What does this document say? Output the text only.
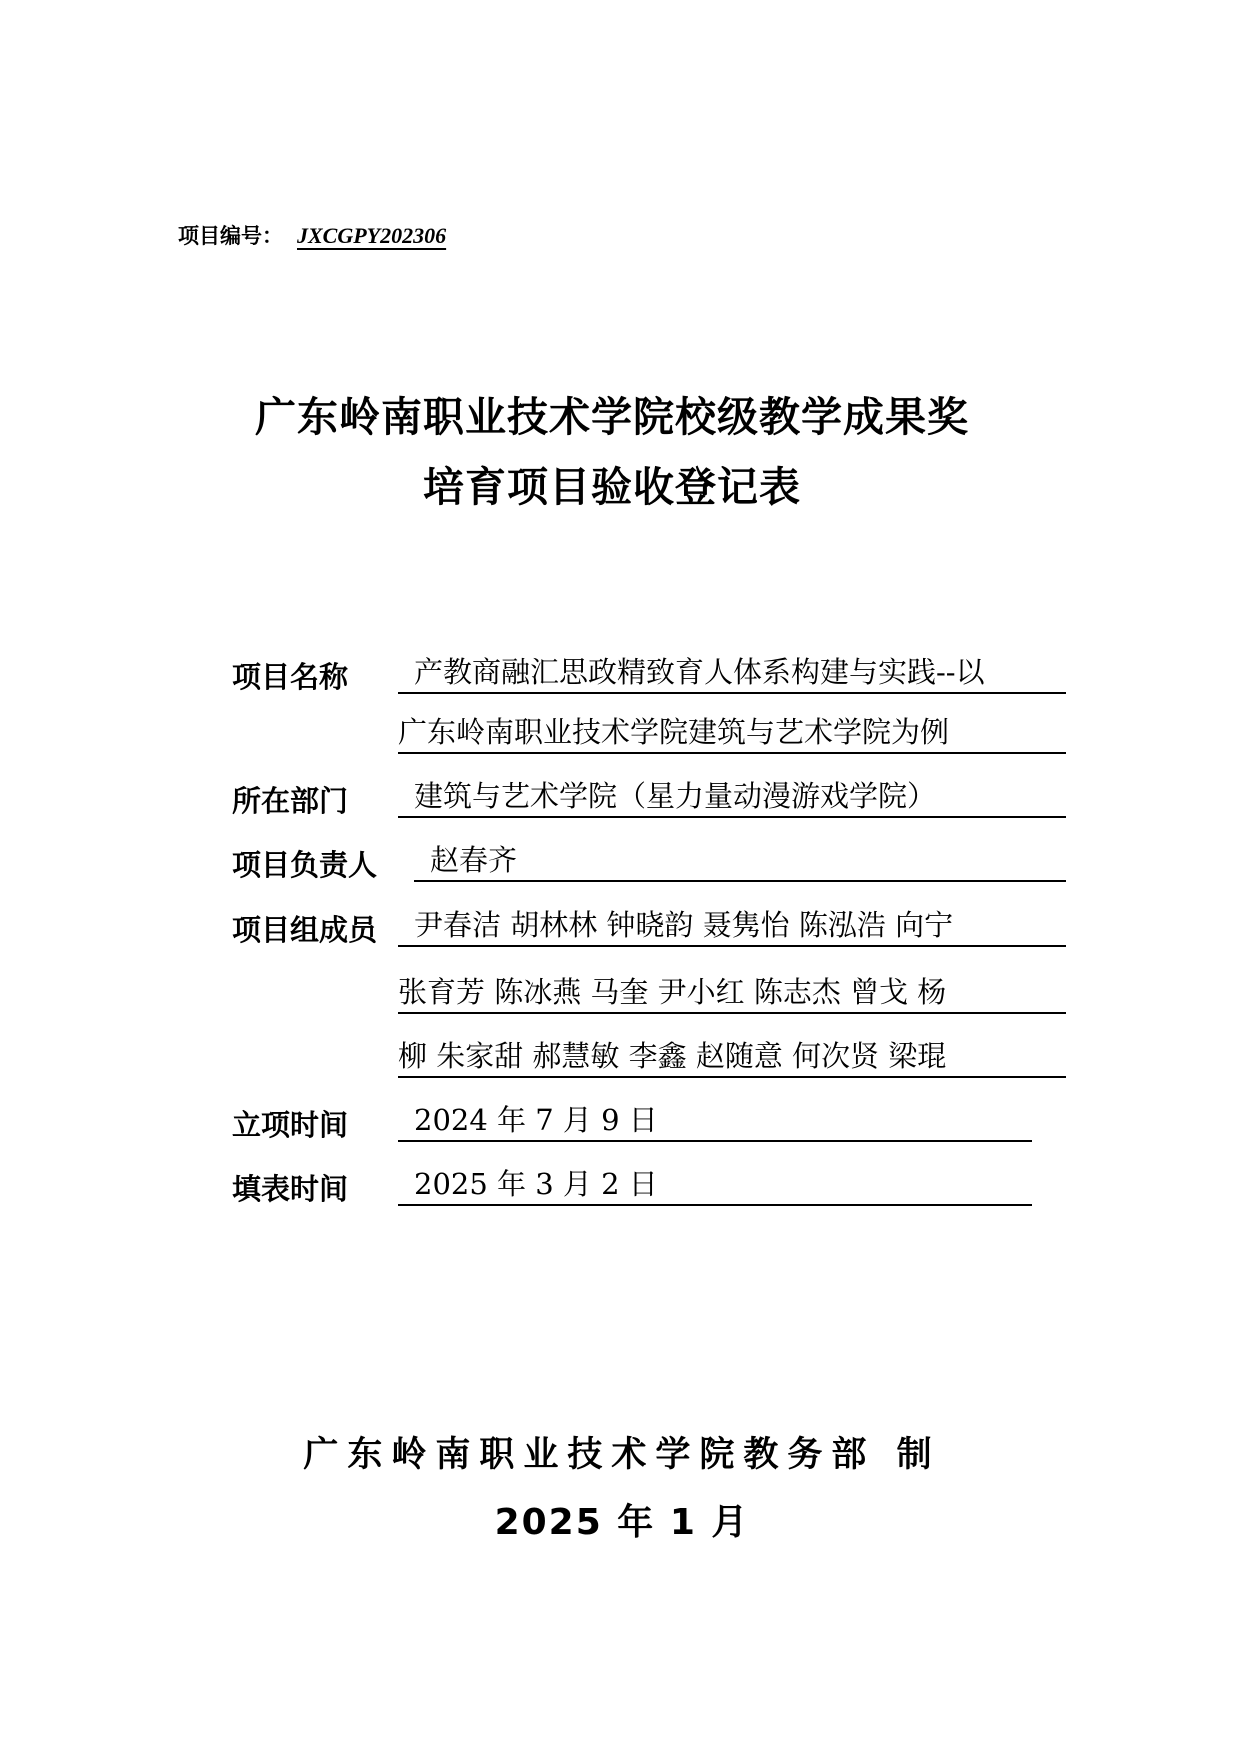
项目编号： JXCGPY202306
广东岭南职业技术学院校级教学成果奖
培育项目验收登记表
项目名称	产教商融汇思政精致育人体系构建与实践--以
广东岭南职业技术学院建筑与艺术学院为例
所在部门	建筑与艺术学院（星力量动漫游戏学院）
项目负责人	赵春齐
项目组成员	尹春洁 胡林林 钟晓韵 聂隽怡 陈泓浩 向宁
张育芳 陈冰燕 马奎 尹小红 陈志杰 曾戈 杨
柳 朱家甜 郝慧敏 李鑫 赵随意 何次贤 梁琨
立项时间	2024 年 7 月 9 日
填表时间	2025 年 3 月 2 日
广东岭南职业技术学院教务部 制
2025 年 1 月
